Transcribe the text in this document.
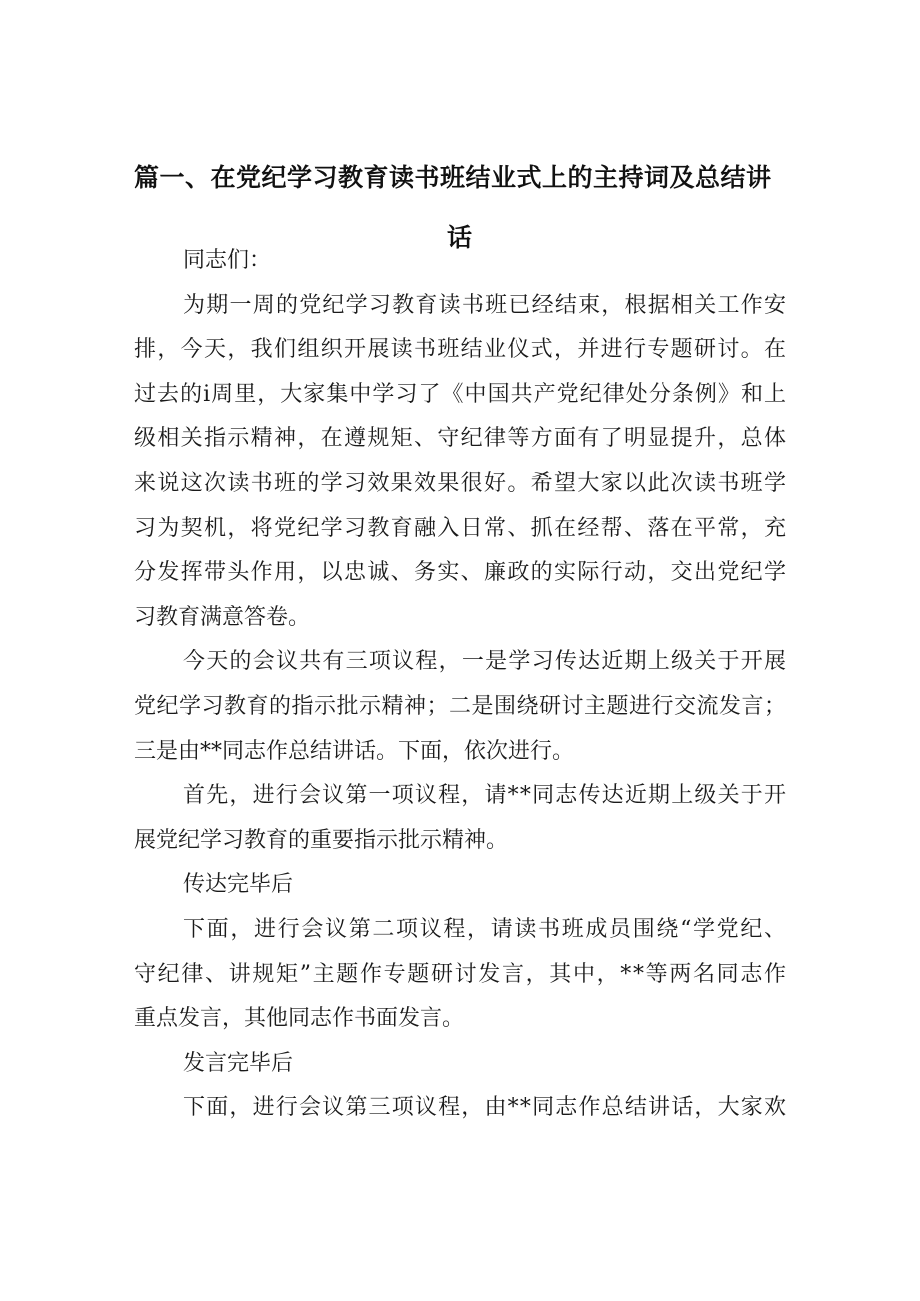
篇一、在党纪学习教育读书班结业式上的主持词及总结讲
话
同志们：
为期一周的党纪学习教育读书班已经结束，根据相关工作安
排，今天，我们组织开展读书班结业仪式，并进行专题研讨。在
过去的i周里，大家集中学习了《中国共产党纪律处分条例》和上
级相关指示精神，在遵规矩、守纪律等方面有了明显提升，总体
来说这次读书班的学习效果效果很好。希望大家以此次读书班学
习为契机，将党纪学习教育融入日常、抓在经帮、落在平常，充
分发挥带头作用，以忠诚、务实、廉政的实际行动，交出党纪学
习教育满意答卷。
今天的会议共有三项议程，一是学习传达近期上级关于开展
党纪学习教育的指示批示精神；二是围绕研讨主题进行交流发言；
三是由**同志作总结讲话。下面，依次进行。
首先，进行会议第一项议程，请**同志传达近期上级关于开
展党纪学习教育的重要指示批示精神。
传达完毕后
下面，进行会议第二项议程，请读书班成员围绕“学党纪、
守纪律、讲规矩”主题作专题研讨发言，其中，**等两名同志作
重点发言，其他同志作书面发言。
发言完毕后
下面，进行会议第三项议程，由**同志作总结讲话，大家欢
